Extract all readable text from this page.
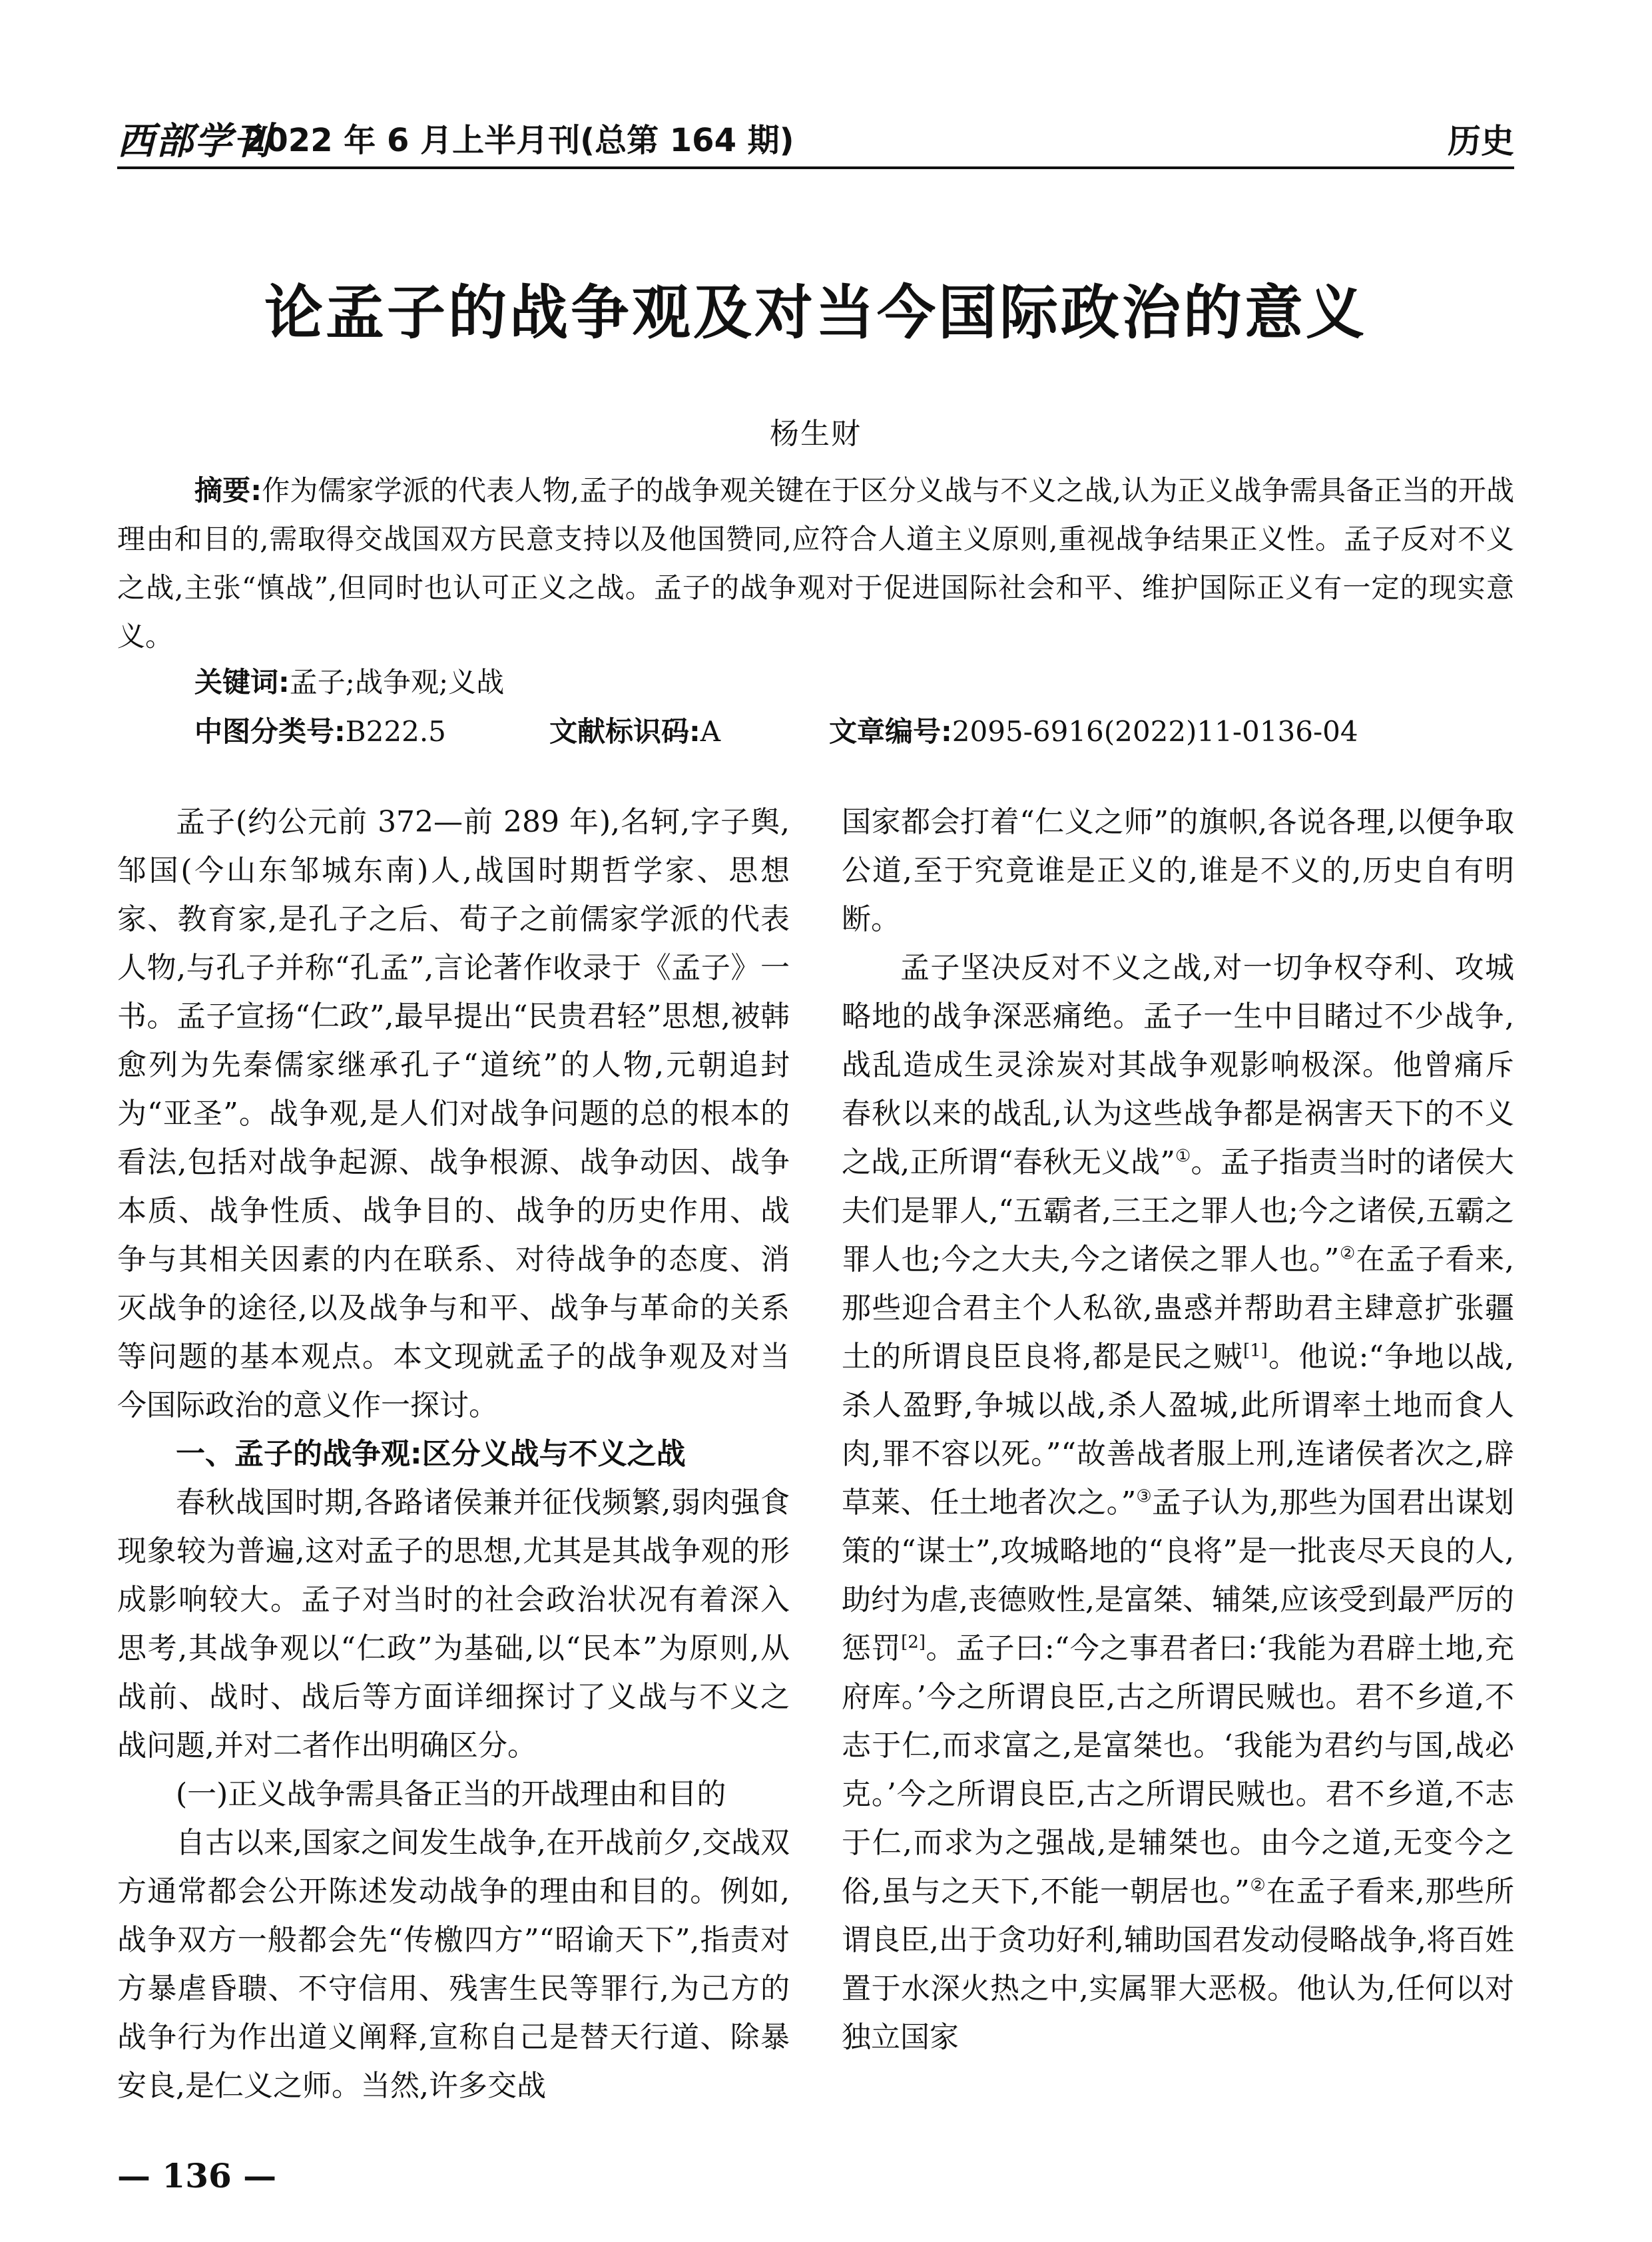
西部学刊
2022 年 6 月上半月刊(总第 164 期)	历史
论孟子的战争观及对当今国际政治的意义
杨生财

摘要:作为儒家学派的代表人物,孟子的战争观关键在于区分义战与不义之战,认为正义战争需具备正当的开战理由和目的,需取得交战国双方民意支持以及他国赞同,应符合人道主义原则,重视战争结果正义性。孟子反对不义之战,主张“慎战”,但同时也认可正义之战。孟子的战争观对于促进国际社会和平、维护国际正义有一定的现实意义。

关键词:孟子;战争观;义战
中图分类号:B222.5	文献标识码:A	文章编号:2095-6916(2022)11-0136-04

孟子(约公元前 372—前 289 年),名轲,字子舆,邹国(今山东邹城东南)人,战国时期哲学家、思想家、教育家,是孔子之后、荀子之前儒家学派的代表人物,与孔子并称“孔孟”,言论著作收录于《孟子》一书。孟子宣扬“仁政”,最早提出“民贵君轻”思想,被韩愈列为先秦儒家继承孔子“道统”的人物,元朝追封为“亚圣”。战争观,是人们对战争问题的总的根本的看法,包括对战争起源、战争根源、战争动因、战争本质、战争性质、战争目的、战争的历史作用、战争与其相关因素的内在联系、对待战争的态度、消灭战争的途径,以及战争与和平、战争与革命的关系等问题的基本观点。本文现就孟子的战争观及对当今国际政治的意义作一探讨。

一、孟子的战争观:区分义战与不义之战

春秋战国时期,各路诸侯兼并征伐频繁,弱肉强食现象较为普遍,这对孟子的思想,尤其是其战争观的形成影响较大。孟子对当时的社会政治状况有着深入思考,其战争观以“仁政”为基础,以“民本”为原则,从战前、战时、战后等方面详细探讨了义战与不义之战问题,并对二者作出明确区分。

(一)正义战争需具备正当的开战理由和目的

自古以来,国家之间发生战争,在开战前夕,交战双方通常都会公开陈述发动战争的理由和目的。例如,战争双方一般都会先“传檄四方”“昭谕天下”,指责对方暴虐昏聩、不守信用、残害生民等罪行,为己方的战争行为作出道义阐释,宣称自己是替天行道、除暴安良,是仁义之师。当然,许多交战

国家都会打着“仁义之师”的旗帜,各说各理,以便争取公道,至于究竟谁是正义的,谁是不义的,历史自有明断。

孟子坚决反对不义之战,对一切争权夺利、攻城略地的战争深恶痛绝。孟子一生中目睹过不少战争,战乱造成生灵涂炭对其战争观影响极深。他曾痛斥春秋以来的战乱,认为这些战争都是祸害天下的不义之战,正所谓“春秋无义战”①。孟子指责当时的诸侯大夫们是罪人,“五霸者,三王之罪人也;今之诸侯,五霸之罪人也;今之大夫,今之诸侯之罪人也。”②在孟子看来,那些迎合君主个人私欲,蛊惑并帮助君主肆意扩张疆土的所谓良臣良将,都是民之贼[1]。他说:“争地以战,杀人盈野,争城以战,杀人盈城,此所谓率土地而食人肉,罪不容以死。”“故善战者服上刑,连诸侯者次之,辟草莱、任土地者次之。”③孟子认为,那些为国君出谋划策的“谋士”,攻城略地的“良将”是一批丧尽天良的人,助纣为虐,丧德败性,是富桀、辅桀,应该受到最严厉的惩罚[2]。孟子曰:“今之事君者曰:‘我能为君辟土地,充府库。’今之所谓良臣,古之所谓民贼也。君不乡道,不志于仁,而求富之,是富桀也。‘我能为君约与国,战必克。’今之所谓良臣,古之所谓民贼也。君不乡道,不志于仁,而求为之强战,是辅桀也。由今之道,无变今之俗,虽与之天下,不能一朝居也。”②在孟子看来,那些所谓良臣,出于贪功好利,辅助国君发动侵略战争,将百姓置于水深火热之中,实属罪大恶极。他认为,任何以对独立国家

— 136 —
